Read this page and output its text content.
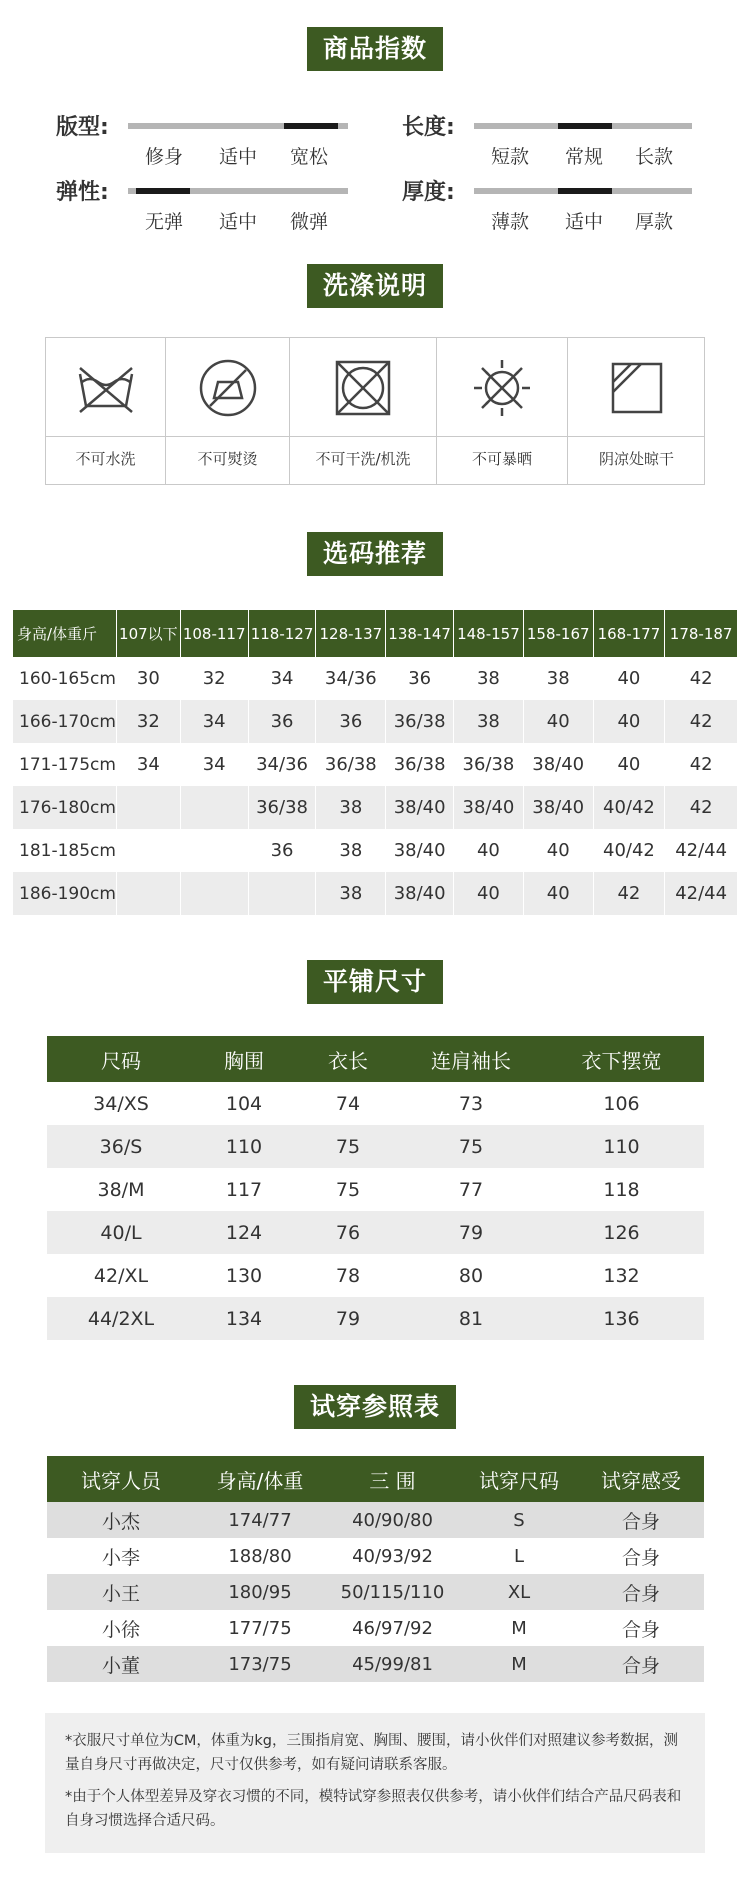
商品指数
版型:
修身 适中 宽松
长度:
短款 常规 长款
弹性:
无弹 适中 微弹
厚度:
薄款 适中 厚款
洗涤说明
不可水洗	不可熨烫	不可干洗/机洗	不可暴晒	阴凉处晾干
选码推荐
身高/体重斤	107以下	108-117	118-127	128-137	138-147	148-157	158-167	168-177	178-187
160-165cm	30	32	34	34/36	36	38	38	40	42
166-170cm	32	34	36	36	36/38	38	40	40	42
171-175cm	34	34	34/36	36/38	36/38	36/38	38/40	40	42
176-180cm			36/38	38	38/40	38/40	38/40	40/42	42
181-185cm			36	38	38/40	40	40	40/42	42/44
186-190cm				38	38/40	40	40	42	42/44
平铺尺寸
尺码	胸围	衣长	连肩袖长	衣下摆宽
34/XS	104	74	73	106
36/S	110	75	75	110
38/M	117	75	77	118
40/L	124	76	79	126
42/XL	130	78	80	132
44/2XL	134	79	81	136
试穿参照表
试穿人员	身高/体重	三 围	试穿尺码	试穿感受
小杰	174/77	40/90/80	S	合身
小李	188/80	40/93/92	L	合身
小王	180/95	50/115/110	XL	合身
小徐	177/75	46/97/92	M	合身
小董	173/75	45/99/81	M	合身

*衣服尺寸单位为CM，体重为kg，三围指肩宽、胸围、腰围，请小伙伴们对照建议参考数据，测量自身尺寸再做决定，尺寸仅供参考，如有疑问请联系客服。

*由于个人体型差异及穿衣习惯的不同，模特试穿参照表仅供参考，请小伙伴们结合产品尺码表和自身习惯选择合适尺码。
